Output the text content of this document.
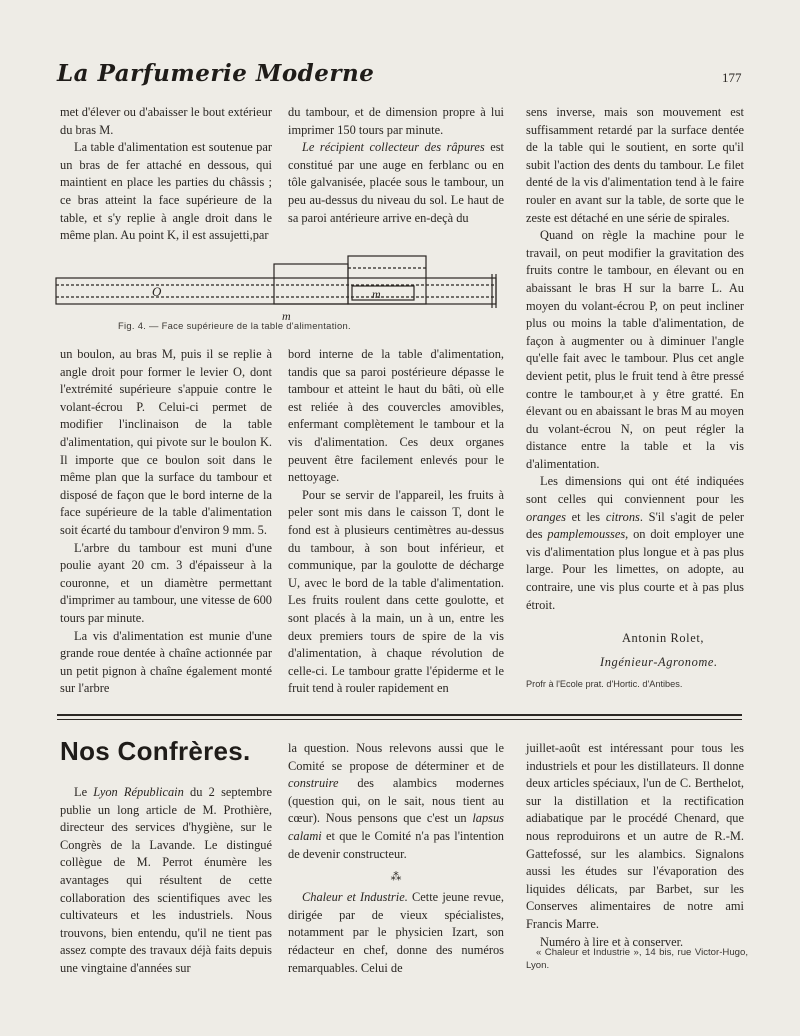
La Parfumerie Moderne	177

met d'élever ou d'abaisser le bout extérieur du bras M.

La table d'alimentation est soutenue par un bras de fer attaché en dessous, qui maintient en place les parties du châssis ; ce bras atteint la face supérieure de la table, et s'y replie à angle droit dans le même plan. Au point K, il est assujetti,par

du tambour, et de dimension propre à lui imprimer 150 tours par minute.

Le récipient collecteur des râpures est constitué par une auge en ferblanc ou en tôle galvanisée, placée sous le tambour, un peu au-dessus du niveau du sol. Le haut de sa paroi antérieure arrive en-deçà du

O	m
m
Fig. 4. — Face supérieure de la table d'alimentation.

un boulon, au bras M, puis il se replie à angle droit pour former le levier O, dont l'extrémité supérieure s'appuie contre le volant-écrou P. Celui-ci permet de modifier l'inclinaison de la table d'alimentation, qui pivote sur le boulon K. Il importe que ce boulon soit dans le même plan que la surface du tambour et disposé de façon que le bord interne de la face supérieure de la table d'alimentation soit écarté du tambour d'environ 9 mm. 5.

L'arbre du tambour est muni d'une poulie ayant 20 cm. 3 d'épaisseur à la couronne, et un diamètre permettant d'imprimer au tambour, une vitesse de 600 tours par minute.

La vis d'alimentation est munie d'une grande roue dentée à chaîne actionnée par un petit pignon à chaîne également monté sur l'arbre

bord interne de la table d'alimentation, tandis que sa paroi postérieure dépasse le tambour et atteint le haut du bâti, où elle est reliée à des couvercles amovibles, enfermant complètement le tambour et la vis d'alimentation. Ces deux organes peuvent être facilement enlevés pour le nettoyage.

Pour se servir de l'appareil, les fruits à peler sont mis dans le caisson T, dont le fond est à plusieurs centimètres au-dessus du tambour, à son bout inférieur, et communique, par la goulotte de décharge U, avec le bord de la table d'alimentation. Les fruits roulent dans cette goulotte, et sont placés à la main, un à un, entre les deux premiers tours de spire de la vis d'alimentation, à chaque révolution de celle-ci. Le tambour gratte l'épiderme et le fruit tend à rouler rapidement en

sens inverse, mais son mouvement est suffisamment retardé par la surface dentée de la table qui le soutient, en sorte qu'il subit l'action des dents du tambour. Le filet denté de la vis d'alimentation tend à le faire rouler en avant sur la table, de sorte que le zeste est détaché en une série de spirales.

Quand on règle la machine pour le travail, on peut modifier la gravitation des fruits contre le tambour, en élevant ou en abaissant le bras H sur la barre L. Au moyen du volant-écrou P, on peut incliner plus ou moins la table d'alimentation, de façon à augmenter ou à diminuer l'angle qu'elle fait avec le tambour. Plus cet angle devient petit, plus le fruit tend à être pressé contre le tambour,et à y être gratté. En élevant ou en abaissant le bras M au moyen du volant-écrou N, on peut régler la distance entre la table et la vis d'alimentation.

Les dimensions qui ont été indiquées sont celles qui conviennent pour les oranges et les citrons. S'il s'agit de peler des pamplemousses, on doit employer une vis d'alimentation plus longue et à pas plus large. Pour les limettes, on adopte, au contraire, une vis plus courte et à pas plus étroit.

Antonin Rolet,
Ingénieur-Agronome.
Profr à l'Ecole prat. d'Hortic. d'Antibes.
Nos Confrères.

Le Lyon Républicain du 2 septembre publie un long article de M. Prothière, directeur des services d'hygiène, sur le Congrès de la Lavande. Le distingué collègue de M. Perrot énumère les avantages qui résultent de cette collaboration des scientifiques avec les cultivateurs et les industriels. Nous trouvons, bien entendu, qu'il ne tient pas assez compte des travaux déjà faits depuis une vingtaine d'années sur

la question. Nous relevons aussi que le Comité se propose de déterminer et de construire des alambics modernes (question qui, on le sait, nous tient au cœur). Nous pensons que c'est un lapsus calami et que le Comité n'a pas l'intention de devenir constructeur.

⁂

Chaleur et Industrie. Cette jeune revue, dirigée par de vieux spécialistes, notamment par le physicien Izart, son rédacteur en chef, donne des numéros remarquables. Celui de

juillet-août est intéressant pour tous les industriels et pour les distillateurs. Il donne deux articles spéciaux, l'un de C. Berthelot, sur la distillation et la rectification adiabatique par le procédé Chenard, que nous reproduirons et un autre de R.-M. Gattefossé, sur les alambics. Signalons aussi les études sur l'évaporation des liquides délicats, par Barbet, sur les Conserves alimentaires de notre ami Francis Marre.

Numéro à lire et à conserver.

« Chaleur et Industrie », 14 bis, rue Victor-Hugo, Lyon.
